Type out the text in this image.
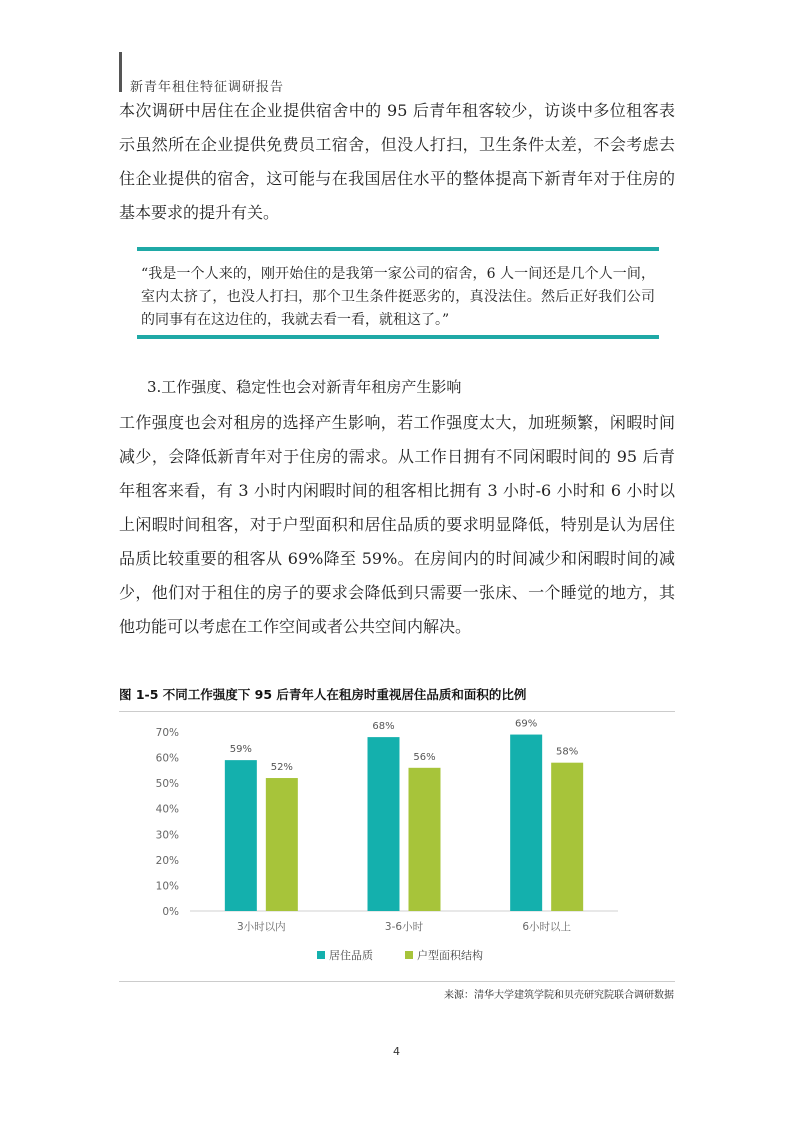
新青年租住特征调研报告

本次调研中居住在企业提供宿舍中的 95 后青年租客较少，访谈中多位租客表示虽然所在企业提供免费员工宿舍，但没人打扫，卫生条件太差，不会考虑去住企业提供的宿舍，这可能与在我国居住水平的整体提高下新青年对于住房的基本要求的提升有关。

“我是一个人来的，刚开始住的是我第一家公司的宿舍，6 人一间还是几个人一间，室内太挤了，也没人打扫，那个卫生条件挺恶劣的，真没法住。然后正好我们公司的同事有在这边住的，我就去看一看，就租这了。”

3.工作强度、稳定性也会对新青年租房产生影响

工作强度也会对租房的选择产生影响，若工作强度太大，加班频繁，闲暇时间减少，会降低新青年对于住房的需求。从工作日拥有不同闲暇时间的 95 后青年租客来看，有 3 小时内闲暇时间的租客相比拥有 3 小时-6 小时和 6 小时以上闲暇时间租客，对于户型面积和居住品质的要求明显降低，特别是认为居住品质比较重要的租客从 69%降至 59%。在房间内的时间减少和闲暇时间的减少，他们对于租住的房子的要求会降低到只需要一张床、一个睡觉的地方，其他功能可以考虑在工作空间或者公共空间内解决。

图 1-5 不同工作强度下 95 后青年人在租房时重视居住品质和面积的比例
0%
10%
20%
30%
40%
50%
60%
70%
59%
52%
3小时以内
68%
56%
3-6小时
69%
58%
6小时以上
居住品质	户型面积结构
来源：清华大学建筑学院和贝壳研究院联合调研数据
4
